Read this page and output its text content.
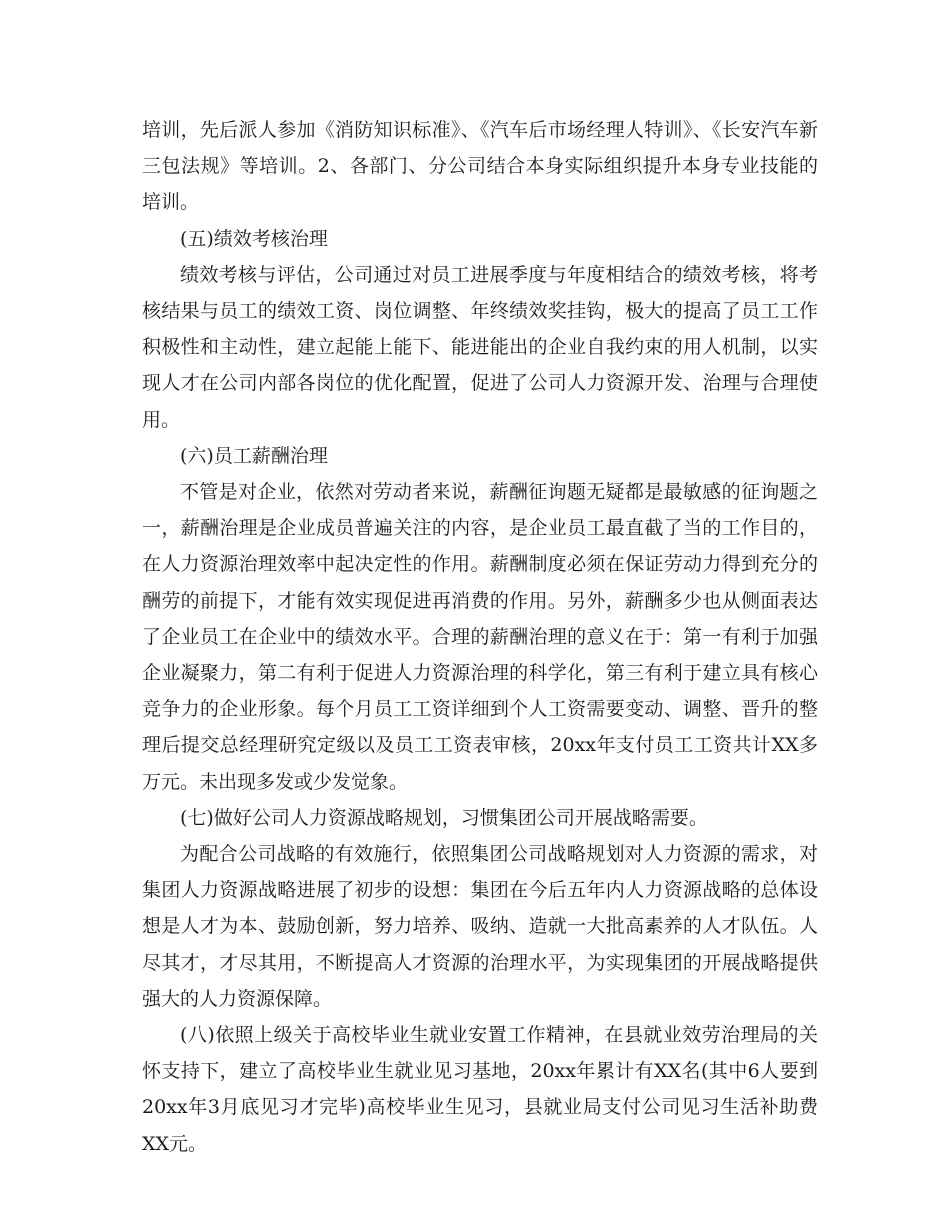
培训，先后派人参加《消防知识标准》、《汽车后市场经理人特训》、《长安汽车新三包法规》等培训。2、各部门、分公司结合本身实际组织提升本身专业技能的培训。

(五)绩效考核治理

绩效考核与评估，公司通过对员工进展季度与年度相结合的绩效考核，将考核结果与员工的绩效工资、岗位调整、年终绩效奖挂钩，极大的提高了员工工作积极性和主动性，建立起能上能下、能进能出的企业自我约束的用人机制，以实现人才在公司内部各岗位的优化配置，促进了公司人力资源开发、治理与合理使用。

(六)员工薪酬治理

不管是对企业，依然对劳动者来说，薪酬征询题无疑都是最敏感的征询题之一，薪酬治理是企业成员普遍关注的内容，是企业员工最直截了当的工作目的，在人力资源治理效率中起决定性的作用。薪酬制度必须在保证劳动力得到充分的酬劳的前提下，才能有效实现促进再消费的作用。另外，薪酬多少也从侧面表达了企业员工在企业中的绩效水平。合理的薪酬治理的意义在于：第一有利于加强企业凝聚力，第二有利于促进人力资源治理的科学化，第三有利于建立具有核心竞争力的企业形象。每个月员工工资详细到个人工资需要变动、调整、晋升的整理后提交总经理研究定级以及员工工资表审核，20xx年支付员工工资共计XX多万元。未出现多发或少发觉象。

(七)做好公司人力资源战略规划，习惯集团公司开展战略需要。

为配合公司战略的有效施行，依照集团公司战略规划对人力资源的需求，对集团人力资源战略进展了初步的设想：集团在今后五年内人力资源战略的总体设想是人才为本、鼓励创新，努力培养、吸纳、造就一大批高素养的人才队伍。人尽其才，才尽其用，不断提高人才资源的治理水平，为实现集团的开展战略提供强大的人力资源保障。

(八)依照上级关于高校毕业生就业安置工作精神，在县就业效劳治理局的关怀支持下，建立了高校毕业生就业见习基地，20xx年累计有XX名(其中6人要到20xx年3月底见习才完毕)高校毕业生见习，县就业局支付公司见习生活补助费XX元。
